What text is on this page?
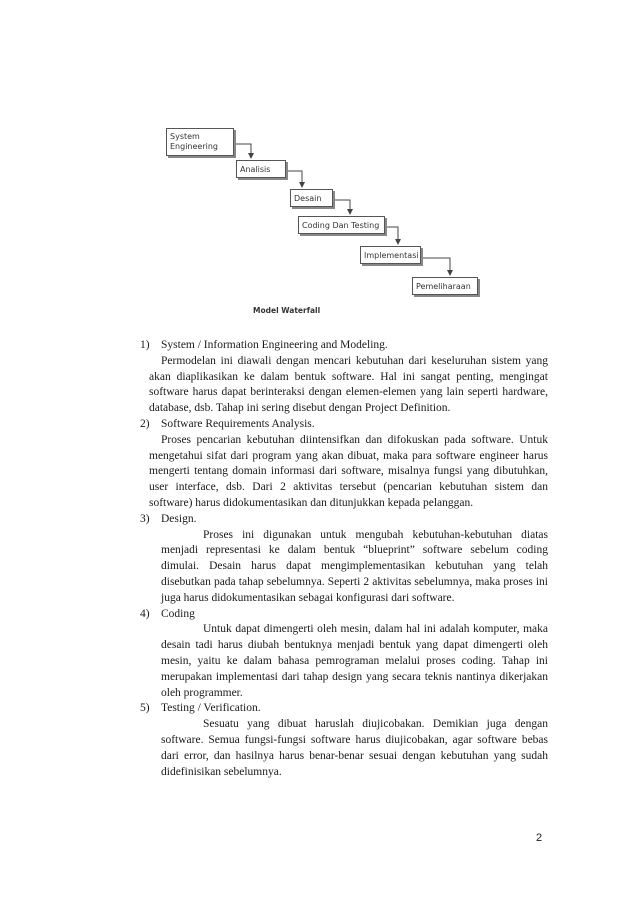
System
Engineering
Analisis
Desain
Coding Dan Testing
Implementasi
Pemeliharaan
Model Waterfall
1) System / Information Engineering and Modeling.
Permodelan ini diawali dengan mencari kebutuhan dari keseluruhan sistem yang akan diaplikasikan ke dalam bentuk software. Hal ini sangat penting, mengingat software harus dapat berinteraksi dengan elemen-elemen yang lain seperti hardware, database, dsb. Tahap ini sering disebut dengan Project Definition.
2) Software Requirements Analysis.
Proses pencarian kebutuhan diintensifkan dan difokuskan pada software. Untuk mengetahui sifat dari program yang akan dibuat, maka para software engineer harus mengerti tentang domain informasi dari software, misalnya fungsi yang dibutuhkan, user interface, dsb. Dari 2 aktivitas tersebut (pencarian kebutuhan sistem dan software) harus didokumentasikan dan ditunjukkan kepada pelanggan.
3) Design.
Proses ini digunakan untuk mengubah kebutuhan-kebutuhan diatas menjadi representasi ke dalam bentuk “blueprint” software sebelum coding dimulai. Desain harus dapat mengimplementasikan kebutuhan yang telah disebutkan pada tahap sebelumnya. Seperti 2 aktivitas sebelumnya, maka proses ini juga harus didokumentasikan sebagai konfigurasi dari software.
4) Coding
Untuk dapat dimengerti oleh mesin, dalam hal ini adalah komputer, maka desain tadi harus diubah bentuknya menjadi bentuk yang dapat dimengerti oleh mesin, yaitu ke dalam bahasa pemrograman melalui proses coding. Tahap ini merupakan implementasi dari tahap design yang secara teknis nantinya dikerjakan oleh programmer.
5) Testing / Verification.
Sesuatu yang dibuat haruslah diujicobakan. Demikian juga dengan software. Semua fungsi-fungsi software harus diujicobakan, agar software bebas dari error, dan hasilnya harus benar-benar sesuai dengan kebutuhan yang sudah didefinisikan sebelumnya.
2
